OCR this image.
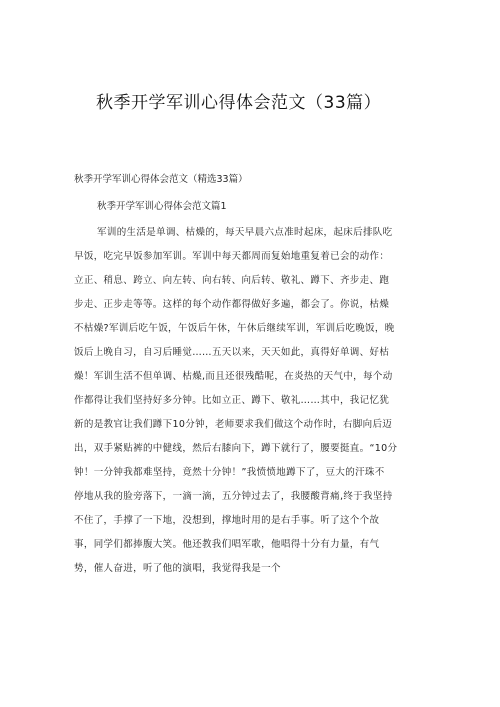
秋季开学军训心得体会范文（33篇）
秋季开学军训心得体会范文（精选33篇）
秋季开学军训心得体会范文篇1
军训的生活是单调、枯燥的，每天早晨六点准时起床，起床后排队吃
早饭，吃完早饭参加军训。军训中每天都周而复始地重复着已会的动作：
立正、稍息、跨立、向左转、向右转、向后转、敬礼、蹲下、齐步走、跑
步走、正步走等等。这样的每个动作都得做好多遍，都会了。你说，枯燥
不枯燥?军训后吃午饭，午饭后午休，午休后继续军训，军训后吃晚饭，晚
饭后上晚自习，自习后睡觉……五天以来，天天如此，真得好单调、好枯
燥！军训生活不但单调、枯燥,而且还很残酷呢，在炎热的天气中，每个动
作都得让我们坚持好多分钟。比如立正、蹲下、敬礼……其中，我记忆犹
新的是教官让我们蹲下10分钟，老师要求我们做这个动作时，右脚向后迈
出，双手紧贴裤的中健线，然后右膝向下，蹲下就行了，腰要挺直。“10分
钟！一分钟我都难坚持，竟然十分钟！”我愤愤地蹲下了，豆大的汗珠不
停地从我的脸旁落下，一滴一滴，五分钟过去了，我腰酸背痛,终于我坚持
不住了，手撑了一下地，没想到，撑地时用的是右手事。听了这个个故
事，同学们都捧腹大笑。他还教我们唱军歌，他唱得十分有力量，有气
势，催人奋进，听了他的演唱，我觉得我是一个
